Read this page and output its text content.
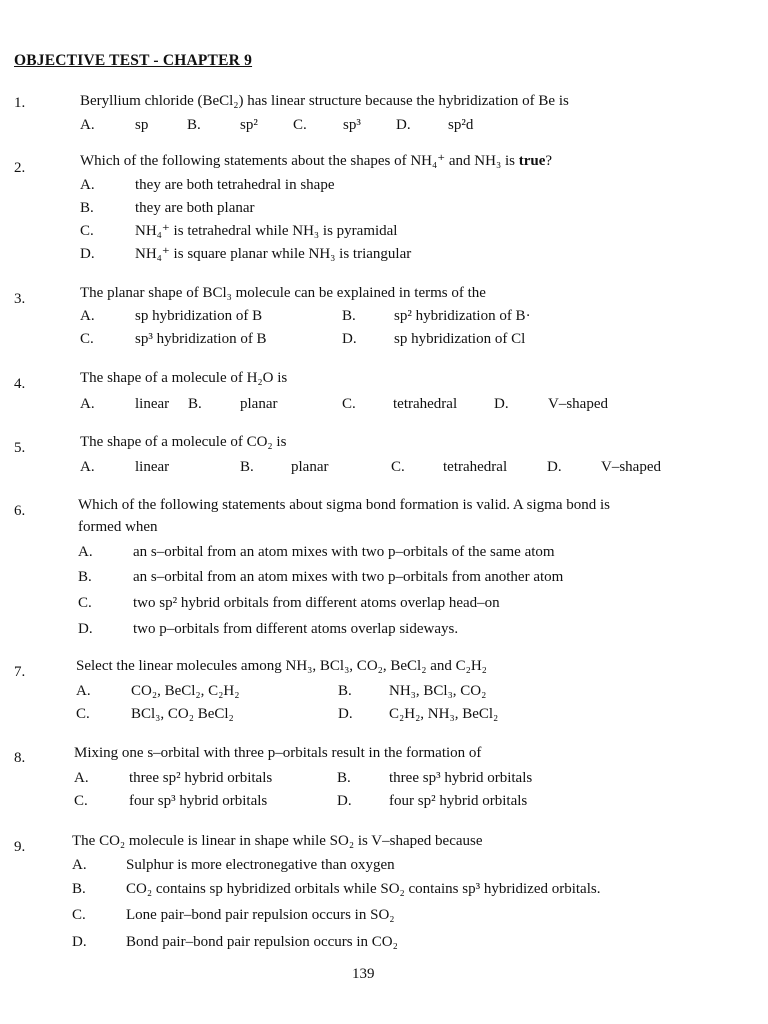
OBJECTIVE TEST - CHAPTER 9
1.	Beryllium chloride (BeCl₂) has linear structure because the hybridization of Be is
A.	sp	B.	sp² C. sp³ D. sp²d
2.	Which of the following statements about the shapes of NH₄⁺ and NH₃ is true?
A.	they are both tetrahedral in shape
B.	they are both planar
C.	NH₄⁺ is tetrahedral while NH₃ is pyramidal
D.	NH₄⁺ is square planar while NH₃ is triangular
3.	The planar shape of BCl₃ molecule can be explained in terms of the
A.	sp hybridization of B	B.	sp² hybridization of B·
C.	sp³ hybridization of B	D. sp hybridization of Cl
4.	The shape of a molecule of H₂O is
A.	linear B.	planar	C. tetrahedral D.	V–shaped
5.	The shape of a molecule of CO₂ is
A.	linear	B. planar	C.	tetrahedral	D.	V–shaped
6.	Which of the following statements about sigma bond formation is valid. A sigma bond is
formed when
A.	an s–orbital from an atom mixes with two p–orbitals of the same atom
B.	an s–orbital from an atom mixes with two p–orbitals from another atom
C.	two sp² hybrid orbitals from different atoms overlap head–on
D.	two p–orbitals from different atoms overlap sideways.
7.	Select the linear molecules among NH₃, BCl₃, CO₂, BeCl₂ and C₂H₂
A.	CO₂, BeCl₂, C₂H₂	B. NH₃, BCl₃, CO₂
C.	BCl₃, CO₂ BeCl₂	D. C₂H₂, NH₃, BeCl₂
8.	Mixing one s–orbital with three p–orbitals result in the formation of
A.	three sp² hybrid orbitals	B.	three sp³ hybrid orbitals
C.	four sp³ hybrid orbitals	D. four sp² hybrid orbitals
9.	The CO₂ molecule is linear in shape while SO₂ is V–shaped because
A.	Sulphur is more electronegative than oxygen
B.	CO₂ contains sp hybridized orbitals while SO₂ contains sp³ hybridized orbitals.
C.	Lone pair–bond pair repulsion occurs in SO₂
D.	Bond pair–bond pair repulsion occurs in CO₂
139
